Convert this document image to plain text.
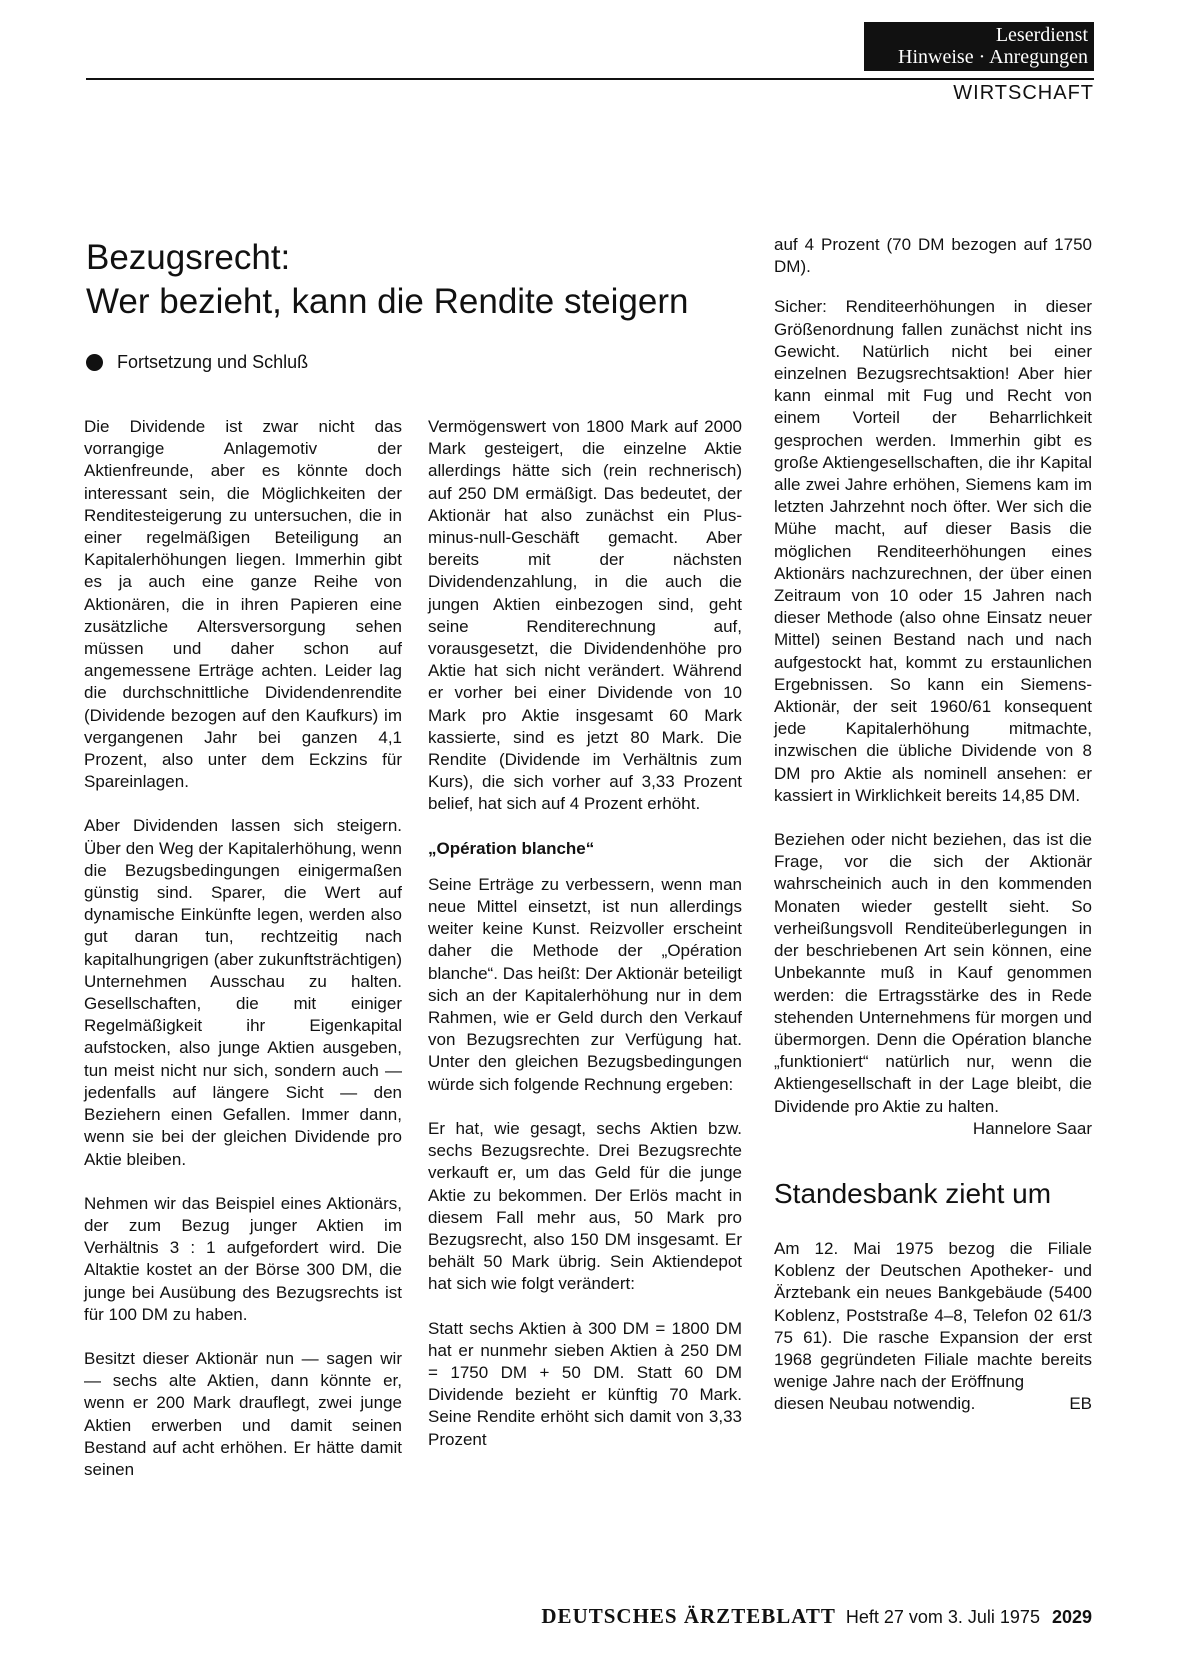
Leserdienst
Hinweise · Anregungen
WIRTSCHAFT
Bezugsrecht:
Wer bezieht, kann die Rendite steigern
Fortsetzung und Schluß

Die Dividende ist zwar nicht das vorrangige Anlagemotiv der Aktienfreunde, aber es könnte doch interessant sein, die Möglichkeiten der Renditesteigerung zu untersuchen, die in einer regelmäßigen Beteiligung an Kapitalerhöhungen liegen. Immerhin gibt es ja auch eine ganze Reihe von Aktionären, die in ihren Papieren eine zusätzliche Altersversorgung sehen müssen und daher schon auf angemessene Erträge achten. Leider lag die durchschnittliche Dividendenrendite (Dividende bezogen auf den Kaufkurs) im vergangenen Jahr bei ganzen 4,1 Prozent, also unter dem Eckzins für Spareinlagen.

Aber Dividenden lassen sich steigern. Über den Weg der Kapitalerhöhung, wenn die Bezugsbedingungen einigermaßen günstig sind. Sparer, die Wert auf dynamische Einkünfte legen, werden also gut daran tun, rechtzeitig nach kapitalhungrigen (aber zukunftsträchtigen) Unternehmen Ausschau zu halten. Gesellschaften, die mit einiger Regelmäßigkeit ihr Eigenkapital aufstocken, also junge Aktien ausgeben, tun meist nicht nur sich, sondern auch — jedenfalls auf längere Sicht — den Beziehern einen Gefallen. Immer dann, wenn sie bei der gleichen Dividende pro Aktie bleiben.

Nehmen wir das Beispiel eines Aktionärs, der zum Bezug junger Aktien im Verhältnis 3 : 1 aufgefordert wird. Die Altaktie kostet an der Börse 300 DM, die junge bei Ausübung des Bezugsrechts ist für 100 DM zu haben.

Besitzt dieser Aktionär nun — sagen wir — sechs alte Aktien, dann könnte er, wenn er 200 Mark drauflegt, zwei junge Aktien erwerben und damit seinen Bestand auf acht erhöhen. Er hätte damit seinen

Vermögenswert von 1800 Mark auf 2000 Mark gesteigert, die einzelne Aktie allerdings hätte sich (rein rechnerisch) auf 250 DM ermäßigt. Das bedeutet, der Aktionär hat also zunächst ein Plus-minus-null-Geschäft gemacht. Aber bereits mit der nächsten Dividendenzahlung, in die auch die jungen Aktien einbezogen sind, geht seine Renditerechnung auf, vorausgesetzt, die Dividendenhöhe pro Aktie hat sich nicht verändert. Während er vorher bei einer Dividende von 10 Mark pro Aktie insgesamt 60 Mark kassierte, sind es jetzt 80 Mark. Die Rendite (Dividende im Verhältnis zum Kurs), die sich vorher auf 3,33 Prozent belief, hat sich auf 4 Prozent erhöht.

„Opération blanche“

Seine Erträge zu verbessern, wenn man neue Mittel einsetzt, ist nun allerdings weiter keine Kunst. Reizvoller erscheint daher die Methode der „Opération blanche“. Das heißt: Der Aktionär beteiligt sich an der Kapitalerhöhung nur in dem Rahmen, wie er Geld durch den Verkauf von Bezugsrechten zur Verfügung hat. Unter den gleichen Bezugsbedingungen würde sich folgende Rechnung ergeben:

Er hat, wie gesagt, sechs Aktien bzw. sechs Bezugsrechte. Drei Bezugsrechte verkauft er, um das Geld für die junge Aktie zu bekommen. Der Erlös macht in diesem Fall mehr aus, 50 Mark pro Bezugsrecht, also 150 DM insgesamt. Er behält 50 Mark übrig. Sein Aktiendepot hat sich wie folgt verändert:

Statt sechs Aktien à 300 DM = 1800 DM hat er nunmehr sieben Aktien à 250 DM = 1750 DM + 50 DM. Statt 60 DM Dividende bezieht er künftig 70 Mark. Seine Rendite erhöht sich damit von 3,33 Prozent

auf 4 Prozent (70 DM bezogen auf 1750 DM).

Sicher: Renditeerhöhungen in dieser Größenordnung fallen zunächst nicht ins Gewicht. Natürlich nicht bei einer einzelnen Bezugsrechtsaktion! Aber hier kann einmal mit Fug und Recht von einem Vorteil der Beharrlichkeit gesprochen werden. Immerhin gibt es große Aktiengesellschaften, die ihr Kapital alle zwei Jahre erhöhen, Siemens kam im letzten Jahrzehnt noch öfter. Wer sich die Mühe macht, auf dieser Basis die möglichen Renditeerhöhungen eines Aktionärs nachzurechnen, der über einen Zeitraum von 10 oder 15 Jahren nach dieser Methode (also ohne Einsatz neuer Mittel) seinen Bestand nach und nach aufgestockt hat, kommt zu erstaunlichen Ergebnissen. So kann ein Siemens-Aktionär, der seit 1960/61 konsequent jede Kapitalerhöhung mitmachte, inzwischen die übliche Dividende von 8 DM pro Aktie als nominell ansehen: er kassiert in Wirklichkeit bereits 14,85 DM.

Beziehen oder nicht beziehen, das ist die Frage, vor die sich der Aktionär wahrscheinich auch in den kommenden Monaten wieder gestellt sieht. So verheißungsvoll Renditeüberlegungen in der beschriebenen Art sein können, eine Unbekannte muß in Kauf genommen werden: die Ertragsstärke des in Rede stehenden Unternehmens für morgen und übermorgen. Denn die Opération blanche „funktioniert“ natürlich nur, wenn die Aktiengesellschaft in der Lage bleibt, die Dividende pro Aktie zu halten.

Hannelore Saar

Standesbank zieht um

Am 12. Mai 1975 bezog die Filiale Koblenz der Deutschen Apotheker- und Ärztebank ein neues Bankgebäude (5400 Koblenz, Poststraße 4–8, Telefon 02 61/3 75 61). Die rasche Expansion der erst 1968 gegründeten Filiale machte bereits wenige Jahre nach der Eröffnung

diesen Neubau notwendig.	EB
DEUTSCHES ÄRZTEBLATT Heft 27 vom 3. Juli 1975 2029
